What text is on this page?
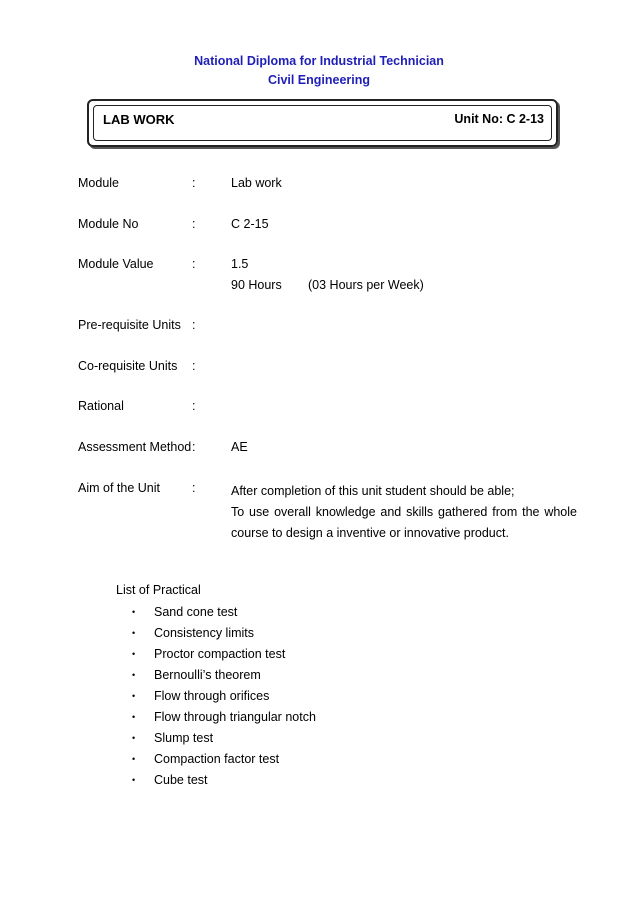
National Diploma for Industrial Technician
Civil Engineering
LAB WORK	Unit No: C 2-13
Module	:	Lab work
Module No	:	C 2-15
Module Value	:	1.5
90 Hours (03 Hours per Week)
Pre-requisite Units :
Co-requisite Units :
Rational	:
Assessment Method :	AE
Aim of the Unit	:	After completion of this unit student should be able;
To use overall knowledge and skills gathered from the whole
course to design a inventive or innovative product.
List of Practical
• Sand cone test
• Consistency limits
• Proctor compaction test
• Bernoulli’s theorem
• Flow through orifices
• Flow through triangular notch
• Slump test
• Compaction factor test
• Cube test
